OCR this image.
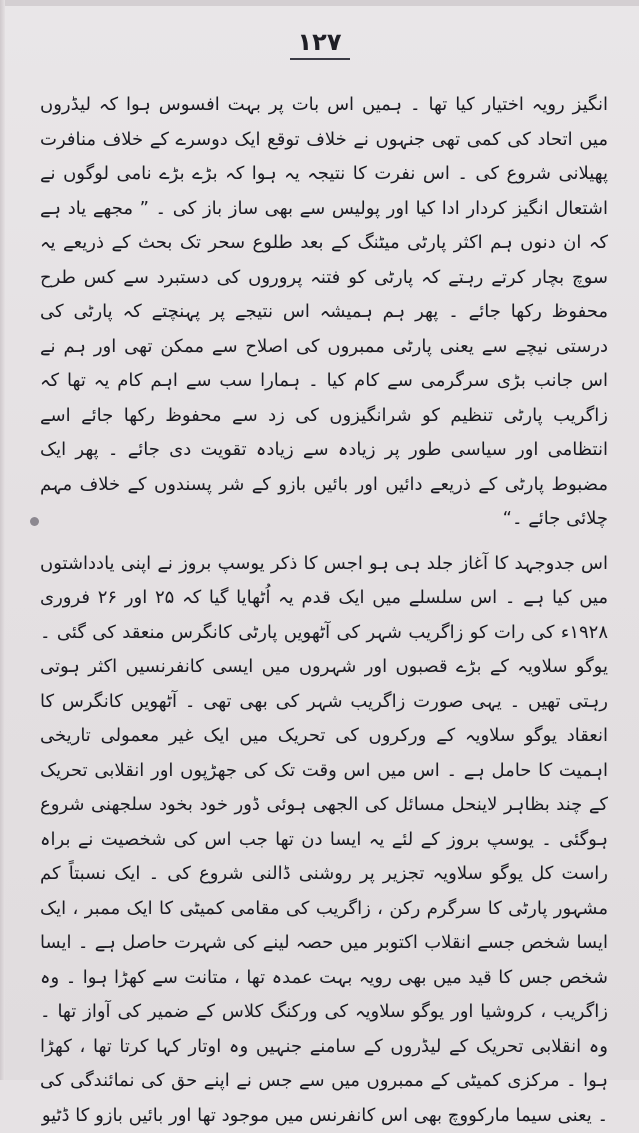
۱۲۷

انگیز رویہ اختیار کیا تھا ۔ ہمیں اس بات پر بہت افسوس ہوا کہ لیڈروں میں اتحاد کی کمی تھی جنہوں نے خلاف توقع ایک دوسرے کے خلاف منافرت پھیلانی شروع کی ۔ اس نفرت کا نتیجہ یہ ہوا کہ بڑے بڑے نامی لوگوں نے اشتعال انگیز کردار ادا کیا اور پولیس سے بھی ساز باز کی ۔ ” مجھے یاد ہے کہ ان دنوں ہم اکثر پارٹی میٹنگ کے بعد طلوع سحر تک بحث کے ذریعے یہ سوچ بچار کرتے رہتے کہ پارٹی کو فتنہ پروروں کی دستبرد سے کس طرح محفوظ رکھا جائے ۔ پھر ہم ہمیشہ اس نتیجے پر پہنچتے کہ پارٹی کی درستی نیچے سے یعنی پارٹی ممبروں کی اصلاح سے ممکن تھی اور ہم نے اس جانب بڑی سرگرمی سے کام کیا ۔ ہمارا سب سے اہم کام یہ تھا کہ زاگریب پارٹی تنظیم کو شرانگیزوں کی زد سے محفوظ رکھا جائے اسے انتظامی اور سیاسی طور پر زیادہ سے زیادہ تقویت دی جائے ۔ پھر ایک مضبوط پارٹی کے ذریعے دائیں اور بائیں بازو کے شر پسندوں کے خلاف مہم چلائی جائے ۔“

اس جدوجہد کا آغاز جلد ہی ہو اجس کا ذکر یوسپ بروز نے اپنی یادداشتوں میں کیا ہے ۔ اس سلسلے میں ایک قدم یہ اُٹھایا گیا کہ ۲۵ اور ۲۶ فروری ۱۹۲۸ء کی رات کو زاگریب شہر کی آٹھویں پارٹی کانگرس منعقد کی گئی ۔ یوگو سلاویہ کے بڑے قصبوں اور شہروں میں ایسی کانفرنسیں اکثر ہوتی رہتی تھیں ۔ یہی صورت زاگریب شہر کی بھی تھی ۔ آٹھویں کانگرس کا انعقاد یوگو سلاویہ کے ورکروں کی تحریک میں ایک غیر معمولی تاریخی اہمیت کا حامل ہے ۔ اس میں اس وقت تک کی جھڑپوں اور انقلابی تحریک کے چند بظاہر لاینحل مسائل کی الجھی ہوئی ڈور خود بخود سلجھنی شروع ہوگئی ۔ یوسپ بروز کے لئے یہ ایسا دن تھا جب اس کی شخصیت نے براہ راست کل یوگو سلاویہ تجزیر پر روشنی ڈالنی شروع کی ۔ ایک نسبتاً کم مشہور پارٹی کا سرگرم رکن ، زاگریب کی مقامی کمیٹی کا ایک ممبر ، ایک ایسا شخص جسے انقلاب اکتوبر میں حصہ لینے کی شہرت حاصل ہے ۔ ایسا شخص جس کا قید میں بھی رویہ بہت عمدہ تھا ، متانت سے کھڑا ہوا ۔ وہ زاگریب ، کروشیا اور یوگو سلاویہ کی ورکنگ کلاس کے ضمیر کی آواز تھا ۔ وہ انقلابی تحریک کے لیڈروں کے سامنے جنہیں وہ اوتار کہا کرتا تھا ، کھڑا ہوا ۔ مرکزی کمیٹی کے ممبروں میں سے جس نے اپنے حق کی نمائندگی کی ۔ یعنی سیما مارکووچ بھی اس کانفرنس میں موجود تھا اور بائیں بازو کا ڈٹیو
